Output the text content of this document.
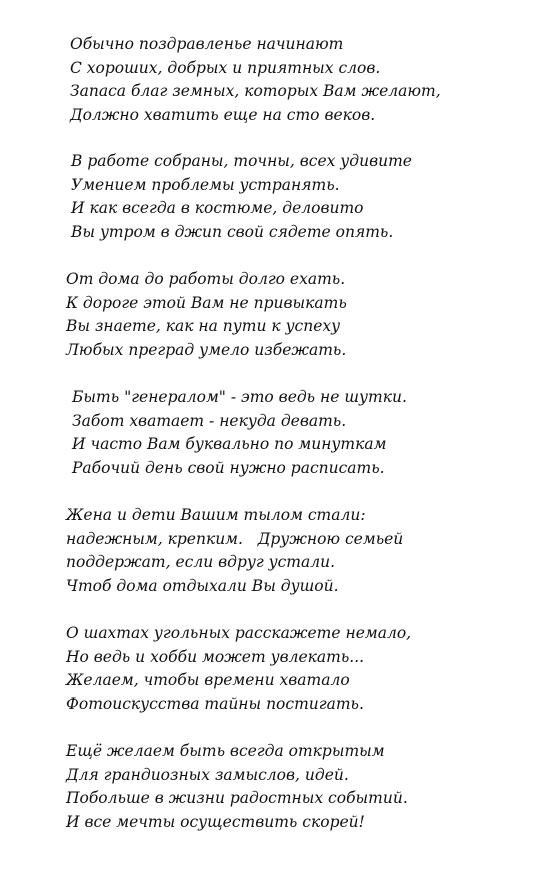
Обычно поздравленье начинают
С хороших, добрых и приятных слов.
Запаса благ земных, которых Вам желают,
Должно хватить еще на сто веков.
В работе собраны, точны, всех удивите
Умением проблемы устранять.
И как всегда в костюме, деловито
Вы утром в джип свой сядете опять.
От дома до работы долго ехать.
К дороге этой Вам не привыкать
Вы знаете, как на пути к успеху
Любых преград умело избежать.
Быть "генералом" - это ведь не шутки.
Забот хватает - некуда девать.
И часто Вам буквально по минуткам
Рабочий день свой нужно расписать.
Жена и дети Вашим тылом стали:
надежным, крепким.   Дружною семьей
поддержат, если вдруг устали.
Чтоб дома отдыхали Вы душой.
О шахтах угольных расскажете немало,
Но ведь и хобби может увлекать...
Желаем, чтобы времени хватало
Фотоискусства тайны постигать.
Ещё желаем быть всегда открытым
Для грандиозных замыслов, идей.
Побольше в жизни радостных событий.
И все мечты осуществить скорей!
